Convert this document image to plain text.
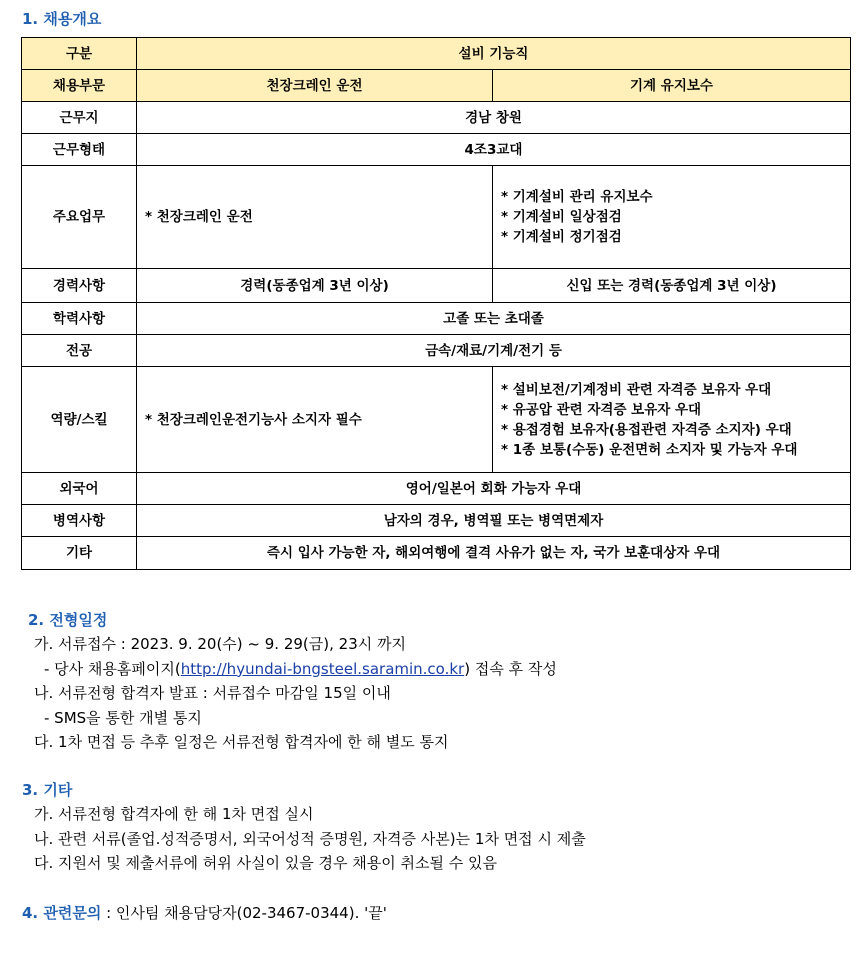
1. 채용개요
구분	설비 기능직	
채용부문	천장크레인 운전	기계 유지보수
근무지	경남 창원	
근무형태	4조3교대	
주요업무	* 천장크레인 운전	* 기계설비 관리 유지보수
* 기계설비 일상점검
* 기계설비 정기점검

경력사항	경력(동종업계 3년 이상)	신입 또는 경력(동종업계 3년 이상)
학력사항	고졸 또는 초대졸	
전공	금속/재료/기계/전기 등	
역량/스킬	* 천장크레인운전기능사 소지자 필수	* 설비보전/기계정비 관련 자격증 보유자 우대
* 유공압 관련 자격증 보유자 우대
* 용접경험 보유자(용접관련 자격증 소지자) 우대
* 1종 보통(수동) 운전면허 소지자 및 가능자 우대

외국어	영어/일본어 회화 가능자 우대	
병역사항	남자의 경우, 병역필 또는 병역면제자	
기타	즉시 입사 가능한 자, 해외여행에 결격 사유가 없는 자, 국가 보훈대상자 우대	
2. 전형일정
가. 서류접수 : 2023. 9. 20(수) ~ 9. 29(금), 23시 까지
- 당사 채용홈페이지(http://hyundai-bngsteel.saramin.co.kr) 접속 후 작성
나. 서류전형 합격자 발표 : 서류접수 마감일 15일 이내
- SMS을 통한 개별 통지
다. 1차 면접 등 추후 일정은 서류전형 합격자에 한 해 별도 통지
3. 기타
가. 서류전형 합격자에 한 해 1차 면접 실시
나. 관련 서류(졸업.성적증명서, 외국어성적 증명원, 자격증 사본)는 1차 면접 시 제출
다. 지원서 및 제출서류에 허위 사실이 있을 경우 채용이 취소될 수 있음
4. 관련문의 : 인사팀 채용담당자(02-3467-0344). '끝'
